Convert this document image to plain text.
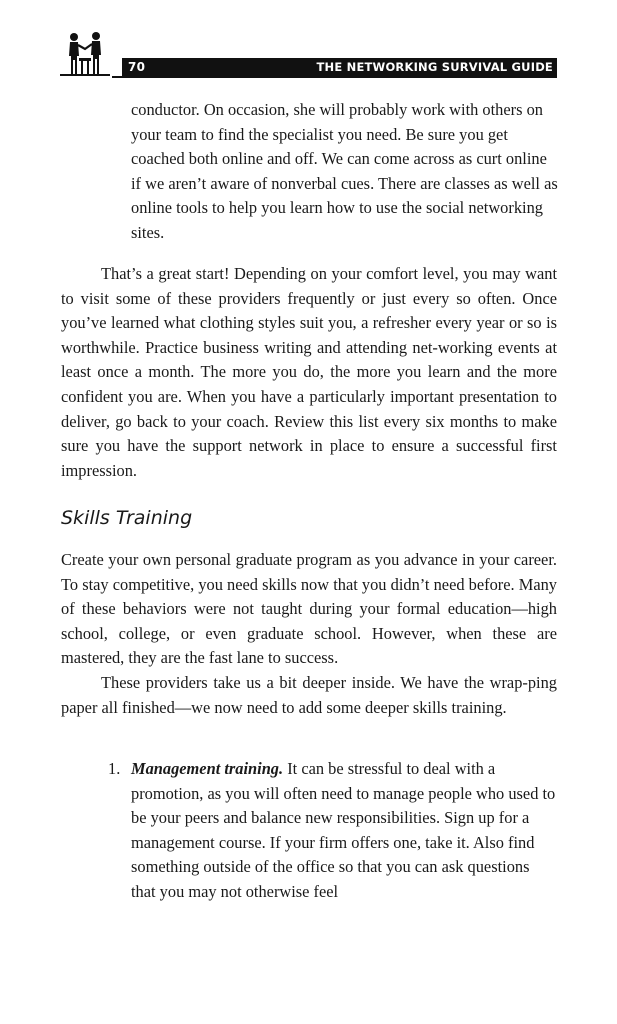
70	THE NETWORKING SURVIVAL GUIDE

conductor. On occasion, she will probably work with others on your team to find the specialist you need. Be sure you get coached both online and off. We can come across as curt online if we aren’t aware of nonverbal cues. There are classes as well as online tools to help you learn how to use the social networking sites.

That’s a great start! Depending on your comfort level, you may want to visit some of these providers frequently or just every so often. Once you’ve learned what clothing styles suit you, a refresher every year or so is worthwhile. Practice business writing and attending net-working events at least once a month. The more you do, the more you learn and the more confident you are. When you have a particularly important presentation to deliver, go back to your coach. Review this list every six months to make sure you have the support network in place to ensure a successful first impression.

Skills Training

Create your own personal graduate program as you advance in your career. To stay competitive, you need skills now that you didn’t need before. Many of these behaviors were not taught during your formal education—high school, college, or even graduate school. However, when these are mastered, they are the fast lane to success.

These providers take us a bit deeper inside. We have the wrap-ping paper all finished—we now need to add some deeper skills training.

1. Management training. It can be stressful to deal with a promotion, as you will often need to manage people who used to be your peers and balance new responsibilities. Sign up for a management course. If your firm offers one, take it. Also find something outside of the office so that you can ask questions that you may not otherwise feel
